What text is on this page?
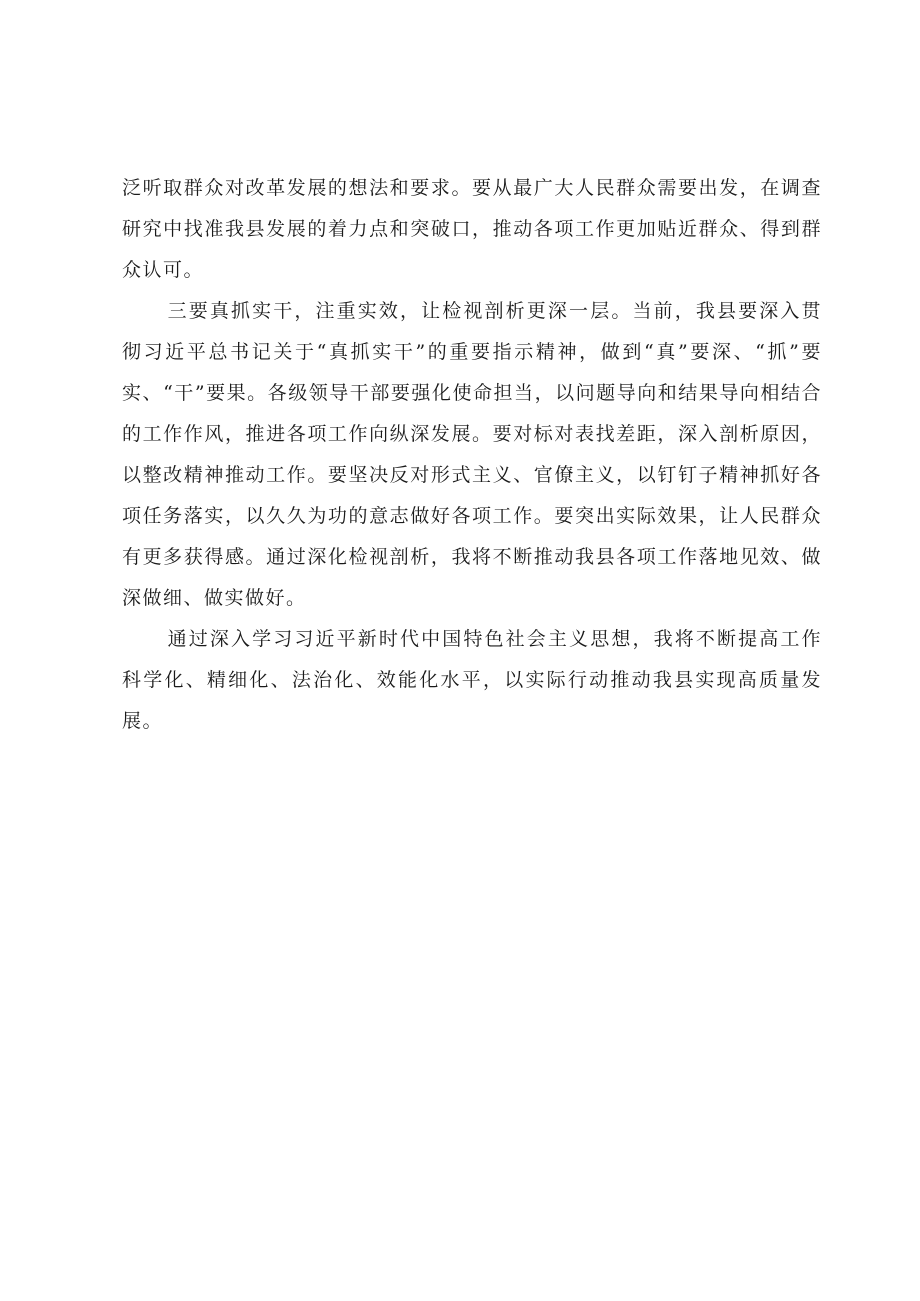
泛听取群众对改革发展的想法和要求。要从最广大人民群众需要出发，在调查研究中找准我县发展的着力点和突破口，推动各项工作更加贴近群众、得到群众认可。

三要真抓实干，注重实效，让检视剖析更深一层。当前，我县要深入贯彻习近平总书记关于“真抓实干”的重要指示精神，做到“真”要深、“抓”要实、“干”要果。各级领导干部要强化使命担当，以问题导向和结果导向相结合的工作作风，推进各项工作向纵深发展。要对标对表找差距，深入剖析原因，以整改精神推动工作。要坚决反对形式主义、官僚主义，以钉钉子精神抓好各项任务落实，以久久为功的意志做好各项工作。要突出实际效果，让人民群众有更多获得感。通过深化检视剖析，我将不断推动我县各项工作落地见效、做深做细、做实做好。

通过深入学习习近平新时代中国特色社会主义思想，我将不断提高工作科学化、精细化、法治化、效能化水平，以实际行动推动我县实现高质量发展。
